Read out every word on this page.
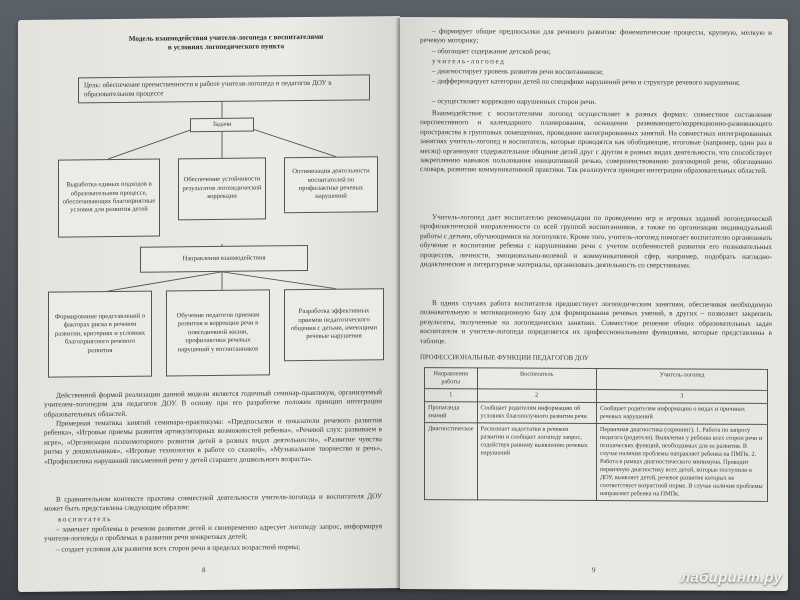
Модель взаимодействия учителя-логопеда с воспитателями
в условиях логопедического пункта
Цель: обеспечение преемственности в работе учителя-логопеда и педагогов ДОУ в образовательном процессе
Задачи
Выработка единых подходов в образовательном процессе, обеспечивающих благоприятные условия для развития детей
Обеспечение устойчивости результатов логопедической коррекции
Оптимизация деятельности воспитателей по профилактике речевых нарушений
Направления взаимодействия
Формирование представлений о факторах риска в речевом развитии, критериях и условиях благоприятного речевого развития
Обучение педагогов приемам развития и коррекции речи в повседневной жизни, профилактики речевых нарушений у воспитанников
Разработка эффективных приемов педагогического общения с детьми, имеющими речевые нарушения
Действенной формой реализации данной модели является годичный семинар-практикум, организуемый учителем-логопедом для педагогов ДОУ. В основу при его разработке положен принцип интеграции образовательных областей.
Примерная тематика занятий семинара-практикума: «Предпосылки и показатели речевого развития ребенка», «Игровые приемы развития артикуляторных возможностей ребенка», «Речевой слух: развиваем в игре», «Организация психомоторного развития детей в разных видах деятельности», «Развитие чувства ритма у дошкольников», «Игровые технологии в работе со сказкой», «Музыкальное творчество и речь», «Профилактика нарушений письменной речи у детей старшего дошкольного возраста».
В сравнительном контексте практика совместной деятельности учителя-логопеда и воспитателя ДОУ может быть представлена следующим образом:
воспитатель
– замечает проблемы в речевом развитии детей и своевременно адресует логопеду запрос, информируя учителя-логопеда о проблемах в развитии речи конкретных детей;
– создает условия для развития всех сторон речи в пределах возрастной нормы;
8
– формирует общие предпосылки для речевого развития: фонематические процессы, крупную, мелкую и речевую моторику;
– обогащает содержание детской речи;
учитель-логопед
– диагностирует уровень развития речи воспитанников;
– дифференцирует категории детей по специфике нарушений речи и структуре речевого нарушения;
– осуществляет коррекцию нарушенных сторон речи.
Взаимодействие с воспитателями логопед осуществляет в разных формах: совместное составление перспективного и календарного планирования, оснащение развивающего/коррекционно-развивающего пространства в групповых помещениях, проведение интегрированных занятий. На совместных интегрированных занятиях учитель-логопед и воспитатель, которые проводятся как обобщающие, итоговые (например, один раз в месяц) организуют содержательное общение детей друг с другом в разных видах деятельности, что способствует закреплению навыков пользования инициативной речью, совершенствованию разговорной речи, обогащению словаря, развитию коммуникативной практики. Так реализуется принцип интеграции образовательных областей.
Учитель-логопед дает воспитателю рекомендации по проведению игр и игровых заданий логопедической профилактической направленности со всей группой воспитанников, а также по организации индивидуальной работы с детьми, обучающимися на логопункте. Кроме того, учитель-логопед помогает воспитателю организовать обучение и воспитание ребенка с нарушениями речи с учетом особенностей развития его познавательных процессов, личности, эмоционально-волевой и коммуникативной сфер, например, подобрать наглядно-дидактические и литературные материалы, организовать деятельность со сверстниками.
В одних случаях работа воспитателя предшествует логопедическим занятиям, обеспечивая необходимую познавательную и мотивационную базу для формирования речевых умений, в других – позволяет закрепить результаты, полученные на логопедических занятиях. Совместное решение общих образовательных задач воспитателя и учителя-логопеда определяется их профессиональными функциями, которые представлены в таблице.
ПРОФЕССИОНАЛЬНЫЕ ФУНКЦИИ ПЕДАГОГОВ ДОУ
Направления работы	Воспитатель	Учитель-логопед
1	2	3
Пропаганда знаний	Сообщает родителям информацию об условиях благополучного развития речи	Сообщает родителям информацию о видах и причинах речевых нарушений
Диагностическое	Распознает недостатки в речевом развитии и сообщает логопеду запрос, содействуя раннему выявлению речевых нарушений	Первичная диагностика (скрининг). 1. Работа по запросу педагога (родителя). Выявление у ребенка всех сторон речи и психических функций, необходимых для ее развития. В случае наличия проблемы направляет ребенка на ПМПк. 2. Работа в рамках диагностического минимума. Проводит первичную диагностику всех детей, которые поступили в ДОУ, выявляет детей, речевое развитие которых не соответствует возрастной норме. В случае наличия проблемы направляет ребенка на ПМПк.
9	лабиринт.ру
